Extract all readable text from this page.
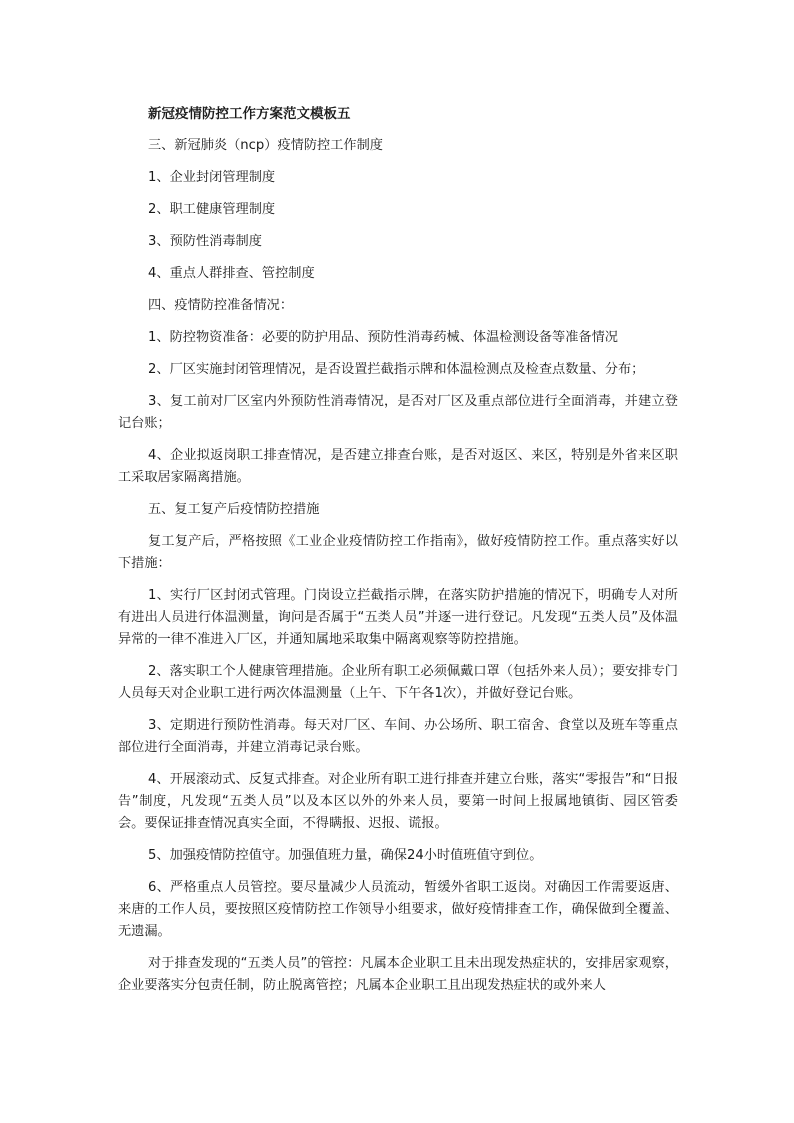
新冠疫情防控工作方案范文模板五
三、新冠肺炎（ncp）疫情防控工作制度
1、企业封闭管理制度
2、职工健康管理制度
3、预防性消毒制度
4、重点人群排查、管控制度
四、疫情防控准备情况：
1、防控物资准备：必要的防护用品、预防性消毒药械、体温检测设备等准备情况
2、厂区实施封闭管理情况，是否设置拦截指示牌和体温检测点及检查点数量、分布；
3、复工前对厂区室内外预防性消毒情况，是否对厂区及重点部位进行全面消毒，并建立登记台账；
4、企业拟返岗职工排查情况，是否建立排查台账，是否对返区、来区，特别是外省来区职工采取居家隔离措施。
五、复工复产后疫情防控措施
复工复产后，严格按照《工业企业疫情防控工作指南》，做好疫情防控工作。重点落实好以下措施：
1、实行厂区封闭式管理。门岗设立拦截指示牌，在落实防护措施的情况下，明确专人对所有进出人员进行体温测量，询问是否属于“五类人员”并逐一进行登记。凡发现“五类人员”及体温异常的一律不准进入厂区，并通知属地采取集中隔离观察等防控措施。
2、落实职工个人健康管理措施。企业所有职工必须佩戴口罩（包括外来人员）；要安排专门人员每天对企业职工进行两次体温测量（上午、下午各1次），并做好登记台账。
3、定期进行预防性消毒。每天对厂区、车间、办公场所、职工宿舍、食堂以及班车等重点部位进行全面消毒，并建立消毒记录台账。
4、开展滚动式、反复式排查。对企业所有职工进行排查并建立台账，落实“零报告”和“日报告”制度，凡发现“五类人员”以及本区以外的外来人员，要第一时间上报属地镇街、园区管委会。要保证排查情况真实全面，不得瞒报、迟报、谎报。
5、加强疫情防控值守。加强值班力量，确保24小时值班值守到位。
6、严格重点人员管控。要尽量减少人员流动，暂缓外省职工返岗。对确因工作需要返唐、来唐的工作人员，要按照区疫情防控工作领导小组要求，做好疫情排查工作，确保做到全覆盖、无遗漏。
对于排查发现的“五类人员”的管控：凡属本企业职工且未出现发热症状的，安排居家观察，企业要落实分包责任制，防止脱离管控；凡属本企业职工且出现发热症状的或外来人
